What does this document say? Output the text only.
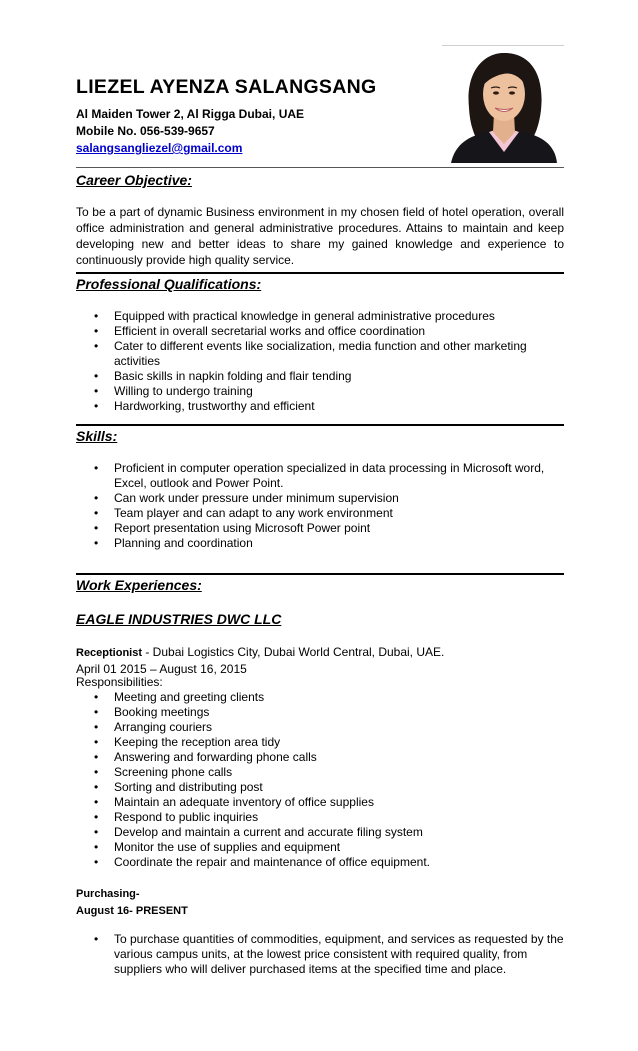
LIEZEL AYENZA SALANGSANG
Al Maiden Tower 2, Al Rigga Dubai, UAE
Mobile No. 056-539-9657
salangsangliezel@gmail.com
Career Objective:
To be a part of dynamic Business environment in my chosen field of hotel operation, overall office administration and general administrative procedures. Attains to maintain and keep developing new and better ideas to share my gained knowledge and experience to continuously provide high quality service.
Professional Qualifications:
• Equipped with practical knowledge in general administrative procedures
• Efficient in overall secretarial works and office coordination
• Cater to different events like socialization, media function and other marketing activities
• Basic skills in napkin folding and flair tending
• Willing to undergo training
• Hardworking, trustworthy and efficient
Skills:
• Proficient in computer operation specialized in data processing in Microsoft word, Excel, outlook and Power Point.
• Can work under pressure under minimum supervision
• Team player and can adapt to any work environment
• Report presentation using Microsoft Power point
• Planning and coordination
Work Experiences:
EAGLE INDUSTRIES DWC LLC
Receptionist - Dubai Logistics City, Dubai World Central, Dubai, UAE.
April 01 2015 – August 16, 2015
Responsibilities:
• Meeting and greeting clients
• Booking meetings
• Arranging couriers
• Keeping the reception area tidy
• Answering and forwarding phone calls
• Screening phone calls
• Sorting and distributing post
• Maintain an adequate inventory of office supplies
• Respond to public inquiries
• Develop and maintain a current and accurate filing system
• Monitor the use of supplies and equipment
• Coordinate the repair and maintenance of office equipment.
Purchasing-
August 16- PRESENT
• To purchase quantities of commodities, equipment, and services as requested by the various campus units, at the lowest price consistent with required quality, from suppliers who will deliver purchased items at the specified time and place.
